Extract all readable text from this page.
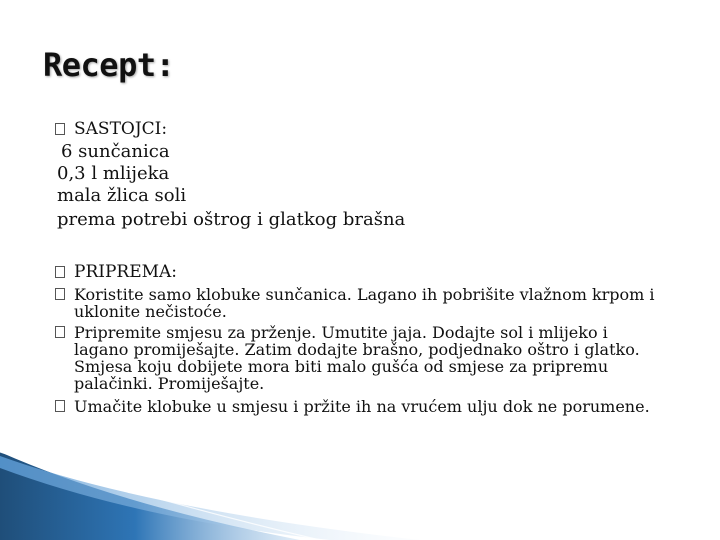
Recept:
SASTOJCI:
6 sunčanica
0,3 l mlijeka
mala žlica soli
prema potrebi oštrog i glatkog brašna
PRIPREMA:
Koristite samo klobuke sunčanica. Lagano ih pobrišite vlažnom krpom i uklonite nečistoće.
Pripremite smjesu za prženje. Umutite jaja. Dodajte sol i mlijeko i lagano promiješajte. Zatim dodajte brašno, podjednako oštro i glatko. Smjesa koju dobijete mora biti malo gušća od smjese za pripremu palačinki. Promiješajte.
Umačite klobuke u smjesu i pržite ih na vrućem ulju dok ne porumene.
